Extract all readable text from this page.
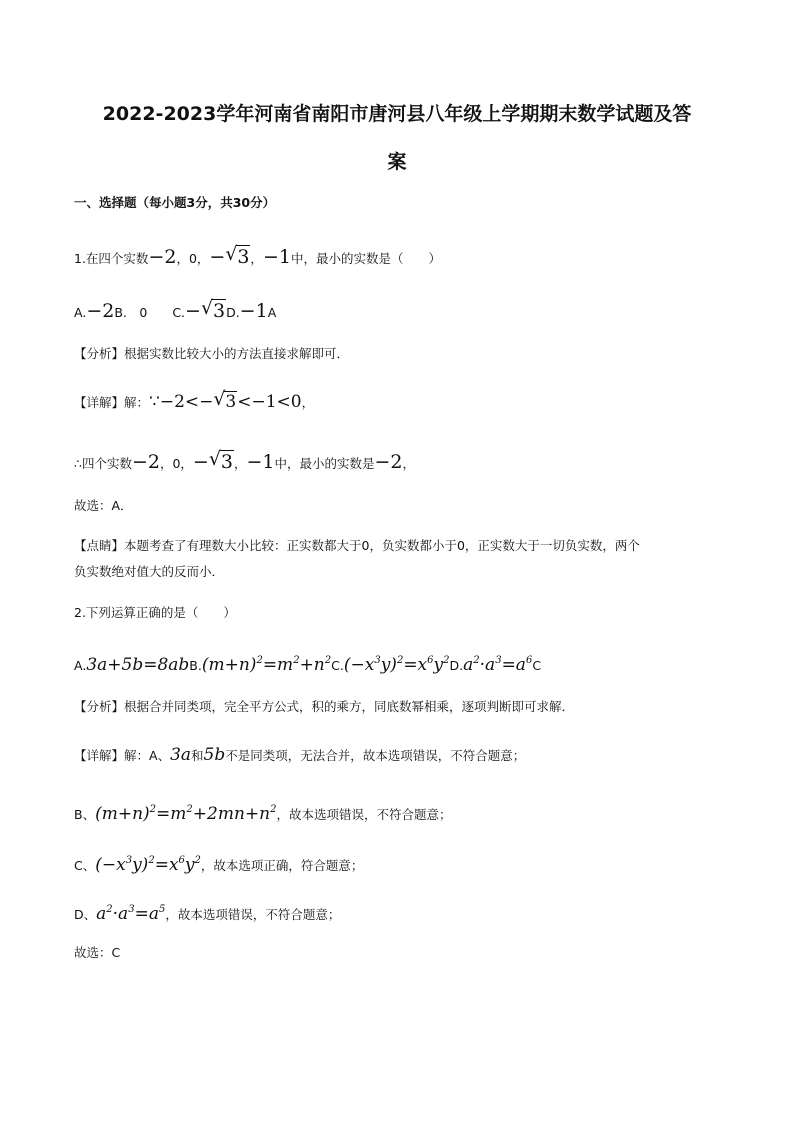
2022-2023学年河南省南阳市唐河县八年级上学期期末数学试题及答
案
一、选择题（每小题3分，共30分）
1.在四个实数−2，0，− √ 3，−1中，最小的实数是（　　）
A.−2B.　0　　C.− √ 3D.−1A
【分析】根据实数比较大小的方法直接求解即可．
【详解】解：∵−2<− √ 3<−1<0，
∴四个实数−2，0，− √ 3，−1中，最小的实数是−2，
故选：A．
【点睛】本题考查了有理数大小比较：正实数都大于0，负实数都小于0，正实数大于一切负实数，两个
负实数绝对值大的反而小．
2.下列运算正确的是（　　）
$A.3a+5b=8abB.(m+n)^2=m^2+n^2C.(-x^3y)^2=x^6y^2D.a^2\cdot a^3=a^6C$
【分析】根据合并同类项，完全平方公式，积的乘方，同底数幂相乘，逐项判断即可求解．
【详解】解：A、3a和5b不是同类项，无法合并，故本选项错误，不符合题意；
B、$(m+n)^2=m^2+2mn+n^2$，故本选项错误，不符合题意；
C、$(-x^3y)^2=x^6y^2$，故本选项正确，符合题意；
D、$a^2\cdot a^3=a^5$，故本选项错误，不符合题意；
故选：C
